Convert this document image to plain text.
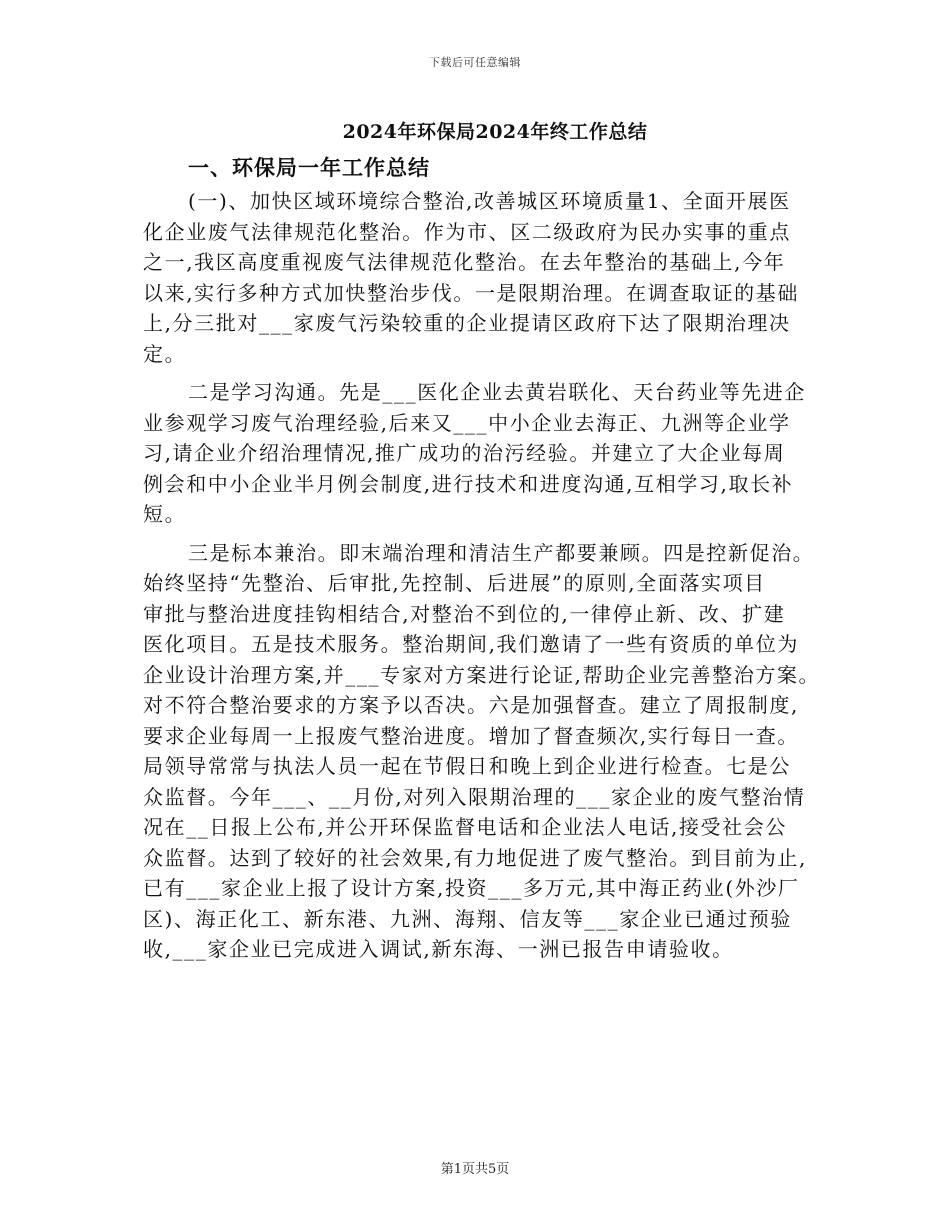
下载后可任意编辑
2024年环保局2024年终工作总结
一、环保局一年工作总结
(一)、加快区域环境综合整治,改善城区环境质量1、全面开展医
化企业废气法律规范化整治。作为市、区二级政府为民办实事的重点
之一,我区高度重视废气法律规范化整治。在去年整治的基础上,今年
以来,实行多种方式加快整治步伐。一是限期治理。在调查取证的基础
上,分三批对___家废气污染较重的企业提请区政府下达了限期治理决
定。
二是学习沟通。先是___医化企业去黄岩联化、天台药业等先进企
业参观学习废气治理经验,后来又___中小企业去海正、九洲等企业学
习,请企业介绍治理情况,推广成功的治污经验。并建立了大企业每周
例会和中小企业半月例会制度,进行技术和进度沟通,互相学习,取长补
短。
三是标本兼治。即末端治理和清洁生产都要兼顾。四是控新促治。
始终坚持“先整治、后审批,先控制、后进展”的原则,全面落实项目
审批与整治进度挂钩相结合,对整治不到位的,一律停止新、改、扩建
医化项目。五是技术服务。整治期间,我们邀请了一些有资质的单位为
企业设计治理方案,并___专家对方案进行论证,帮助企业完善整治方案。
对不符合整治要求的方案予以否决。六是加强督查。建立了周报制度,
要求企业每周一上报废气整治进度。增加了督查频次,实行每日一查。
局领导常常与执法人员一起在节假日和晚上到企业进行检查。七是公
众监督。今年___、__月份,对列入限期治理的___家企业的废气整治情
况在__日报上公布,并公开环保监督电话和企业法人电话,接受社会公
众监督。达到了较好的社会效果,有力地促进了废气整治。到目前为止,
已有___家企业上报了设计方案,投资___多万元,其中海正药业(外沙厂
区)、海正化工、新东港、九洲、海翔、信友等___家企业已通过预验
收,___家企业已完成进入调试,新东海、一洲已报告申请验收。
第1页共5页
